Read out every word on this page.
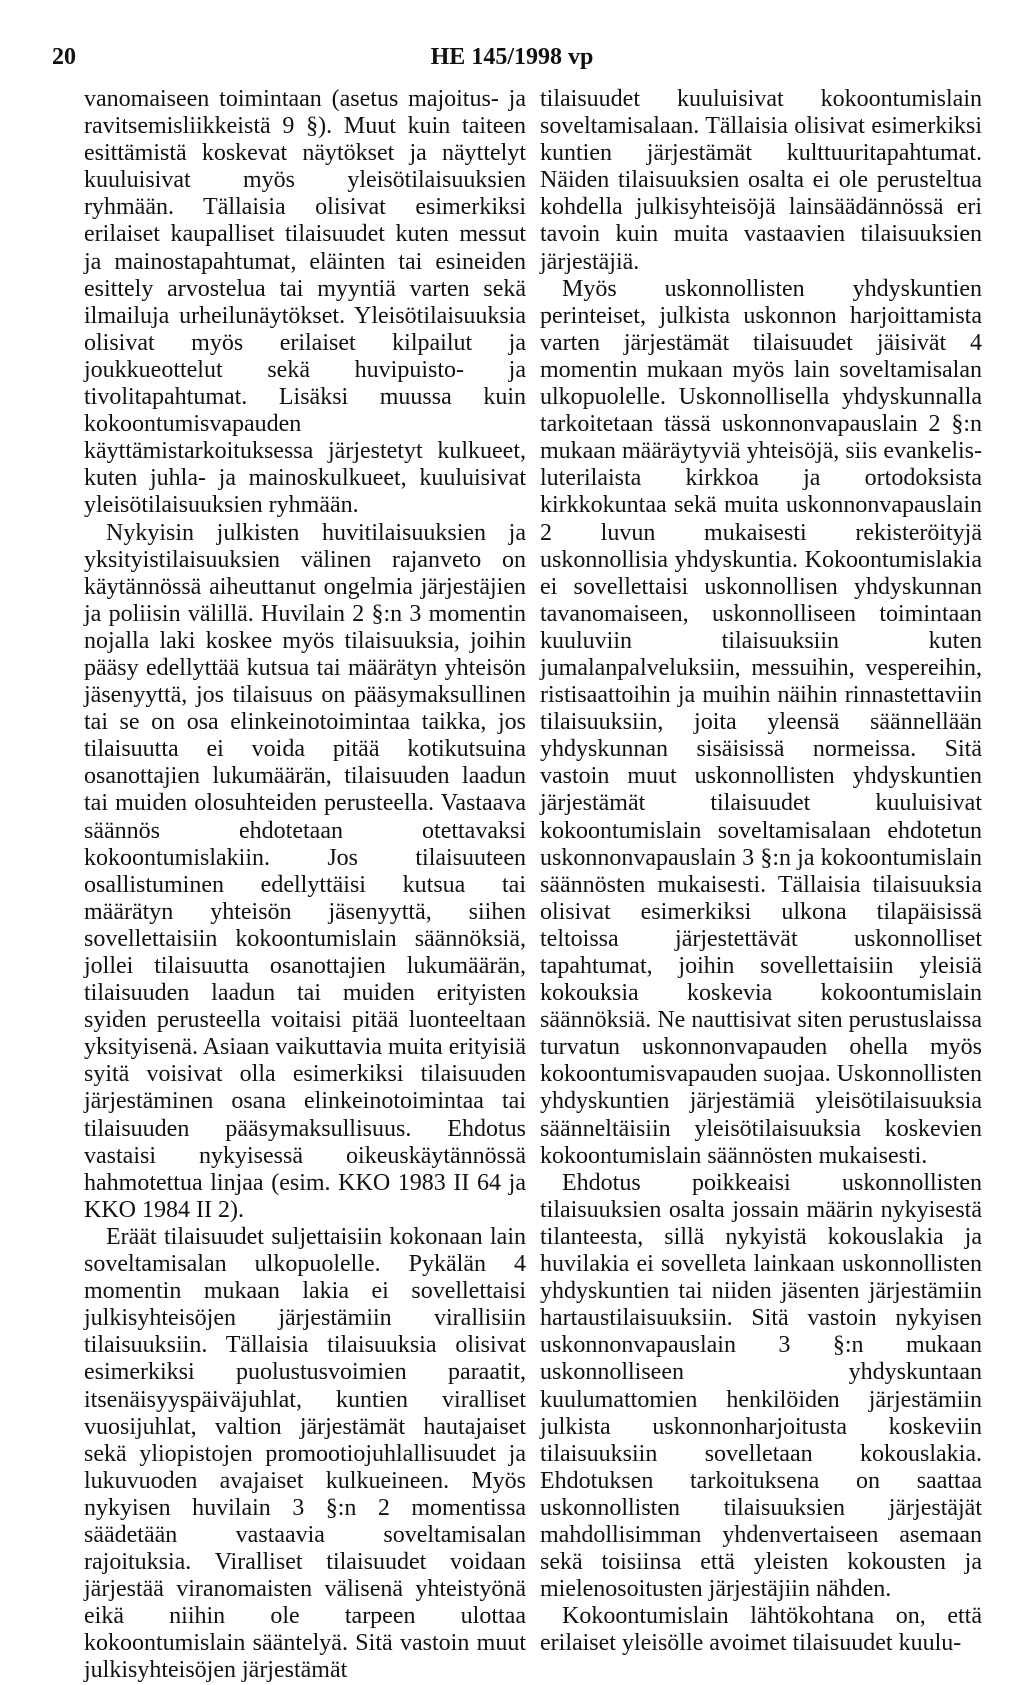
20	HE 145/1998 vp

vanomaiseen toimintaan (asetus majoitus- ja ravitsemisliikkeistä 9 §). Muut kuin taiteen esittämistä koskevat näytökset ja näyttelyt kuuluisivat myös yleisötilaisuuksien ryhmään. Tällaisia olisivat esimerkiksi erilaiset kaupalliset tilaisuudet kuten messut ja mainostapahtumat, eläinten tai esineiden esittely arvostelua tai myyntiä varten sekä ilmailuja urheilunäytökset. Yleisötilaisuuksia olisivat myös erilaiset kilpailut ja joukkueottelut sekä huvipuisto- ja tivolitapahtumat. Lisäksi muussa kuin kokoontumisvapauden käyttämistarkoituksessa järjestetyt kulkueet, kuten juhla- ja mainoskulkueet, kuuluisivat yleisötilaisuuksien ryhmään.

Nykyisin julkisten huvitilaisuuksien ja yksityistilaisuuksien välinen rajanveto on käytännössä aiheuttanut ongelmia järjestäjien ja poliisin välillä. Huvilain 2 §:n 3 momentin nojalla laki koskee myös tilaisuuksia, joihin pääsy edellyttää kutsua tai määrätyn yhteisön jäsenyyttä, jos tilaisuus on pääsymaksullinen tai se on osa elinkeinotoimintaa taikka, jos tilaisuutta ei voida pitää kotikutsuina osanottajien lukumäärän, tilaisuuden laadun tai muiden olosuhteiden perusteella. Vastaava säännös ehdotetaan otettavaksi kokoontumislakiin. Jos tilaisuuteen osallistuminen edellyttäisi kutsua tai määrätyn yhteisön jäsenyyttä, siihen sovellettaisiin kokoontumislain säännöksiä, jollei tilaisuutta osanottajien lukumäärän, tilaisuuden laadun tai muiden erityisten syiden perusteella voitaisi pitää luonteeltaan yksityisenä. Asiaan vaikuttavia muita erityisiä syitä voisivat olla esimerkiksi tilaisuuden järjestäminen osana elinkeinotoimintaa tai tilaisuuden pääsymaksullisuus. Ehdotus vastaisi nykyisessä oikeuskäytännössä hahmotettua linjaa (esim. KKO 1983 II 64 ja KKO 1984 II 2).

Eräät tilaisuudet suljettaisiin kokonaan lain soveltamisalan ulkopuolelle. Pykälän 4 momentin mukaan lakia ei sovellettaisi julkisyhteisöjen järjestämiin virallisiin tilaisuuksiin. Tällaisia tilaisuuksia olisivat esimerkiksi puolustusvoimien paraatit, itsenäisyyspäiväjuhlat, kuntien viralliset vuosijuhlat, valtion järjestämät hautajaiset sekä yliopistojen promootiojuhlallisuudet ja lukuvuoden avajaiset kulkueineen. Myös nykyisen huvilain 3 §:n 2 momentissa säädetään vastaavia soveltamisalan rajoituksia. Viralliset tilaisuudet voidaan järjestää viranomaisten välisenä yhteistyönä eikä niihin ole tarpeen ulottaa kokoontumislain sääntelyä. Sitä vastoin muut julkisyhteisöjen järjestämät

tilaisuudet kuuluisivat kokoontumislain soveltamisalaan. Tällaisia olisivat esimerkiksi kuntien järjestämät kulttuuritapahtumat. Näiden tilaisuuksien osalta ei ole perusteltua kohdella julkisyhteisöjä lainsäädännössä eri tavoin kuin muita vastaavien tilaisuuksien järjestäjiä.

Myös uskonnollisten yhdyskuntien perinteiset, julkista uskonnon harjoittamista varten järjestämät tilaisuudet jäisivät 4 momentin mukaan myös lain soveltamisalan ulkopuolelle. Uskonnollisella yhdyskunnalla tarkoitetaan tässä uskonnonvapauslain 2 §:n mukaan määräytyviä yhteisöjä, siis evankelis-luterilaista kirkkoa ja ortodoksista kirkkokuntaa sekä muita uskonnonvapauslain 2 luvun mukaisesti rekisteröityjä uskonnollisia yhdyskuntia. Kokoontumislakia ei sovellettaisi uskonnollisen yhdyskunnan tavanomaiseen, uskonnolliseen toimintaan kuuluviin tilaisuuksiin kuten jumalanpalveluksiin, messuihin, vespereihin, ristisaattoihin ja muihin näihin rinnastettaviin tilaisuuksiin, joita yleensä säännellään yhdyskunnan sisäisissä normeissa. Sitä vastoin muut uskonnollisten yhdyskuntien järjestämät tilaisuudet kuuluisivat kokoontumislain soveltamisalaan ehdotetun uskonnonvapauslain 3 §:n ja kokoontumislain säännösten mukaisesti. Tällaisia tilaisuuksia olisivat esimerkiksi ulkona tilapäisissä teltoissa järjestettävät uskonnolliset tapahtumat, joihin sovellettaisiin yleisiä kokouksia koskevia kokoontumislain säännöksiä. Ne nauttisivat siten perustuslaissa turvatun uskonnonvapauden ohella myös kokoontumisvapauden suojaa. Uskonnollisten yhdyskuntien järjestämiä yleisötilaisuuksia säänneltäisiin yleisötilaisuuksia koskevien kokoontumislain säännösten mukaisesti.

Ehdotus poikkeaisi uskonnollisten tilaisuuksien osalta jossain määrin nykyisestä tilanteesta, sillä nykyistä kokouslakia ja huvilakia ei sovelleta lainkaan uskonnollisten yhdyskuntien tai niiden jäsenten järjestämiin hartaustilaisuuksiin. Sitä vastoin nykyisen uskonnonvapauslain 3 §:n mukaan uskonnolliseen yhdyskuntaan kuulumattomien henkilöiden järjestämiin julkista uskonnonharjoitusta koskeviin tilaisuuksiin sovelletaan kokouslakia. Ehdotuksen tarkoituksena on saattaa uskonnollisten tilaisuuksien järjestäjät mahdollisimman yhdenvertaiseen asemaan sekä toisiinsa että yleisten kokousten ja mielenosoitusten järjestäjiin nähden.

Kokoontumislain lähtökohtana on, että erilaiset yleisölle avoimet tilaisuudet kuulu-
